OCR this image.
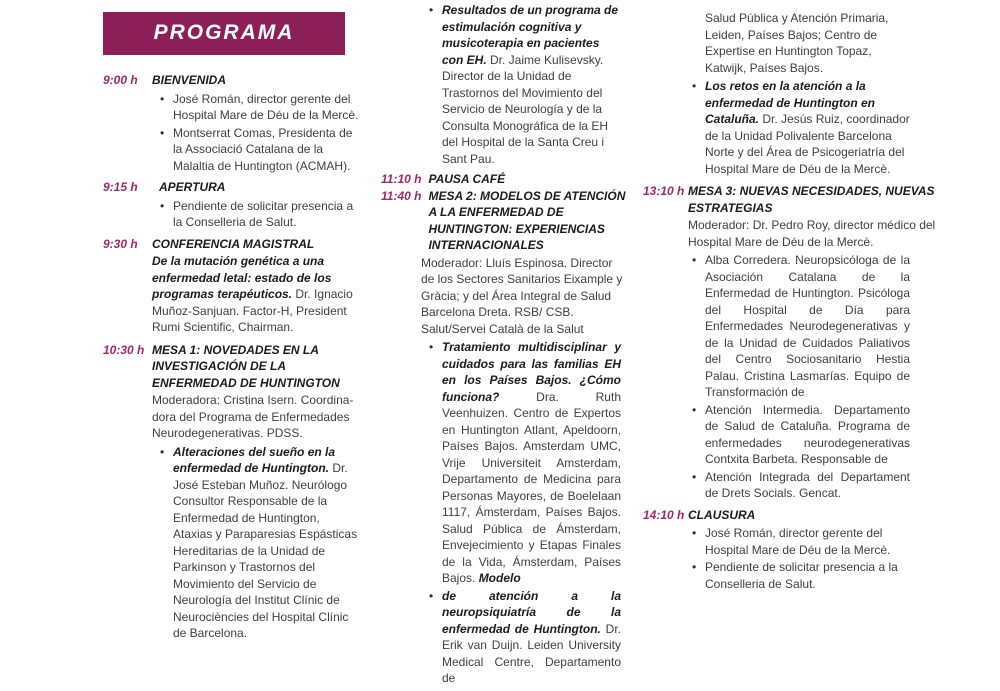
PROGRAMA

9:00 h	BIENVENIDA

• José Román, director gerente del Hospital Mare de Déu de la Mercè.
• Montserrat Comas, Presidenta de la Associació Catalana de la Malaltia de Huntington (ACMAH).

9:15 h	APERTURA

• Pendiente de solicitar presencia a la Conselleria de Salut.

9:30 h	CONFERENCIA MAGISTRAL

De la mutación genética a una enfermedad letal: estado de los programas terapéuticos. Dr. Ignacio Muñoz-Sanjuan. Factor-H, President Rumi Scientific, Chairman.

10:30 h MESA 1: NOVEDADES EN LA INVESTIGACIÓN DE LA ENFERMEDAD DE HUNTINGTON

Moderadora: Cristina Isern. Coordina-dora del Programa de Enfermedades Neurodegenerativas. PDSS.

• Alteraciones del sueño en la enfermedad de Huntington. Dr. José Esteban Muñoz. Neurólogo Consultor Responsable de la Enfermedad de Huntington, Ataxias y Paraparesias Espásticas Hereditarias de la Unidad de Parkinson y Trastornos del Movimiento del Servicio de Neurología del Institut Clínic de Neurociències del Hospital Clínic de Barcelona.
• Resultados de un programa de estimulación cognitiva y musicoterapia en pacientes con EH. Dr. Jaime Kulisevsky. Director de la Unidad de Trastornos del Movimiento del Servicio de Neurología y de la Consulta Monográfica de la EH del Hospital de la Santa Creu i Sant Pau.

11:10 h PAUSA CAFÉ

11:40 h MESA 2: MODELOS DE ATENCIÓN A LA ENFERMEDAD DE HUNTINGTON: EXPERIENCIAS INTERNACIONALES

Moderador: Lluís Espinosa. Director de los Sectores Sanitarios Eixample y Gràcia; y del Área Integral de Salud Barcelona Dreta. RSB/ CSB. Salut/Servei Català de la Salut

• Tratamiento multidisciplinar y cuidados para las familias EH en los Países Bajos. ¿Cómo funciona? Dra. Ruth Veenhuizen. Centro de Expertos en Huntington Atlant, Apeldoorn, Países Bajos. Amsterdam UMC, Vrije Universiteit Amsterdam, Departamento de Medicina para Personas Mayores, de Boelelaan 1117, Ámsterdam, Países Bajos. Salud Pública de Ámsterdam, Envejecimiento y Etapas Finales de la Vida, Ámsterdam, Países Bajos. Modelo
• de atención a la neuropsiquiatría de la enfermedad de Huntington. Dr. Erik van Duijn. Leiden University Medical Centre, Departamento de

Salud Pública y Atención Primaria, Leiden, Países Bajos; Centro de Expertise en Huntington Topaz, Katwijk, Países Bajos.

• Los retos en la atención a la enfermedad de Huntington en Cataluña. Dr. Jesús Ruiz, coordinador de la Unidad Polivalente Barcelona Norte y del Área de Psicogeriatría del Hospital Mare de Déu de la Mercè.

13:10 h MESA 3: NUEVAS NECESIDADES, NUEVAS ESTRATEGIAS

Moderador: Dr. Pedro Roy, director médico del Hospital Mare de Déu de la Mercè.

• Alba Corredera. Neuropsicóloga de la Asociación Catalana de la Enfermedad de Huntington. Psicóloga del Hospital de Día para Enfermedades Neurodegenerativas y de la Unidad de Cuidados Paliativos del Centro Sociosanitario Hestia Palau. Cristina Lasmarías. Equipo de Transformación de
• Atención Intermedia. Departamento de Salud de Cataluña. Programa de enfermedades neurodegenerativas Contxita Barbeta. Responsable de
• Atención Integrada del Departament de Drets Socials. Gencat.

14:10 h CLAUSURA

• José Román, director gerente del Hospital Mare de Déu de la Mercè.
• Pendiente de solicitar presencia a la Conselleria de Salut.
